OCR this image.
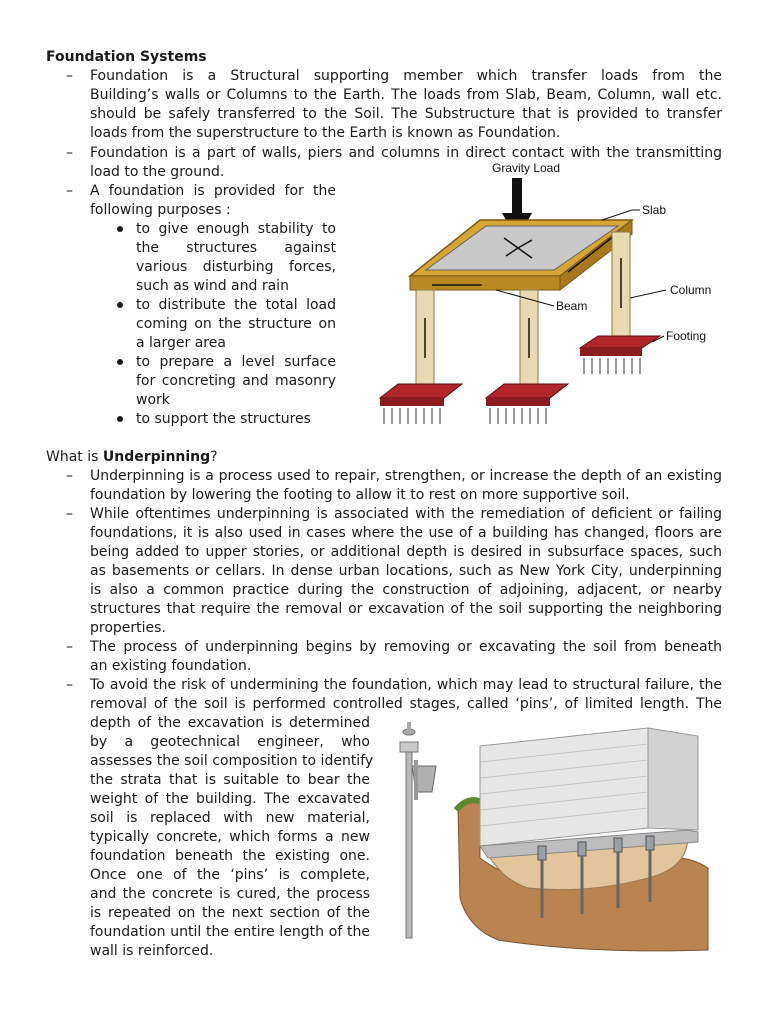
Foundation Systems
–	Foundation is a Structural supporting member which transfer loads from the
Building’s walls or Columns to the Earth. The loads from Slab, Beam, Column, wall etc.
should be safely transferred to the Soil. The Substructure that is provided to transfer
loads from the superstructure to the Earth is known as Foundation.
–	Foundation is a part of walls, piers and columns in direct contact with the transmitting
load to the ground.
–	A foundation is provided for the
following purposes :
to give enough stability to
the structures against
various disturbing forces,
such as wind and rain
to distribute the total load
coming on the structure on
a larger area
to prepare a level surface
for concreting and masonry
work
to support the structures
Gravity Load
Slab
Column
Beam
Footing
What is Underpinning?
–	Underpinning is a process used to repair, strengthen, or increase the depth of an existing
foundation by lowering the footing to allow it to rest on more supportive soil.
–	While oftentimes underpinning is associated with the remediation of deficient or failing
foundations, it is also used in cases where the use of a building has changed, floors are
being added to upper stories, or additional depth is desired in subsurface spaces, such
as basements or cellars. In dense urban locations, such as New York City, underpinning
is also a common practice during the construction of adjoining, adjacent, or nearby
structures that require the removal or excavation of the soil supporting the neighboring
properties.
–	The process of underpinning begins by removing or excavating the soil from beneath
an existing foundation.
–	To avoid the risk of undermining the foundation, which may lead to structural failure, the
removal of the soil is performed controlled stages, called ‘pins’, of limited length. The
depth of the excavation is determined
by a geotechnical engineer, who
assesses the soil composition to identify
the strata that is suitable to bear the
weight of the building. The excavated
soil is replaced with new material,
typically concrete, which forms a new
foundation beneath the existing one.
Once one of the ‘pins’ is complete,
and the concrete is cured, the process
is repeated on the next section of the
foundation until the entire length of the
wall is reinforced.
